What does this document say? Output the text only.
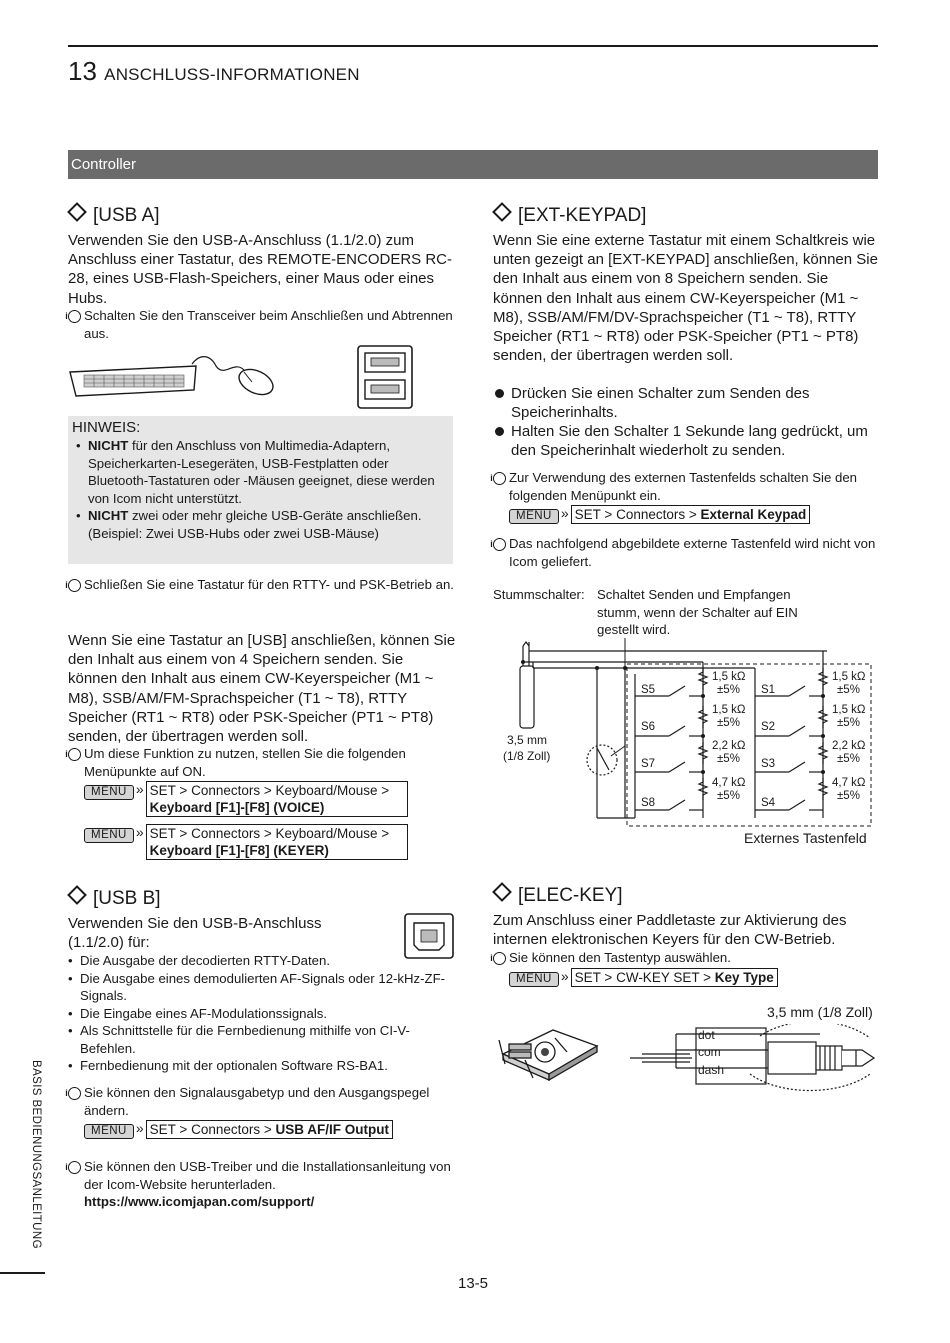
13 ANSCHLUSS-INFORMATIONEN
Controller
[USB A]
Verwenden Sie den USB-A-Anschluss (1.1/2.0) zum Anschluss einer Tastatur, des REMOTE-ENCODERS RC-28, eines USB-Flash-Speichers, einer Maus oder eines Hubs.
i Schalten Sie den Transceiver beim Anschließen und Abtrennen aus.
HINWEIS:
• NICHT für den Anschluss von Multimedia-Adaptern, Speicherkarten-Lesegeräten, USB-Festplatten oder Bluetooth-Tastaturen oder -Mäusen geeignet, diese werden von Icom nicht unterstützt.
• NICHT zwei oder mehr gleiche USB-Geräte anschließen.
(Beispiel: Zwei USB-Hubs oder zwei USB-Mäuse)
i Schließen Sie eine Tastatur für den RTTY- und PSK-Betrieb an.
Wenn Sie eine Tastatur an [USB] anschließen, können Sie den Inhalt aus einem von 4 Speichern senden. Sie können den Inhalt aus einem CW-Keyerspeicher (M1 ~ M8), SSB/AM/FM-Sprachspeicher (T1 ~ T8), RTTY Speicher (RT1 ~ RT8) oder PSK-Speicher (PT1 ~ PT8) senden, der übertragen werden soll.
i Um diese Funktion zu nutzen, stellen Sie die folgenden Menüpunkte auf ON.
MENU » SET > Connectors > Keyboard/Mouse >
Keyboard [F1]-[F8] (VOICE)
MENU » SET > Connectors > Keyboard/Mouse >
Keyboard [F1]-[F8] (KEYER)
[USB B]
Verwenden Sie den USB-B-Anschluss (1.1/2.0) für:
• Die Ausgabe der decodierten RTTY-Daten.
• Die Ausgabe eines demodulierten AF-Signals oder 12-kHz-ZF-Signals.
• Die Eingabe eines AF-Modulationssignals.
• Als Schnittstelle für die Fernbedienung mithilfe von CI-V-Befehlen.
• Fernbedienung mit der optionalen Software RS-BA1.
i Sie können den Signalausgabetyp und den Ausgangspegel ändern.
MENU » SET > Connectors > USB AF/IF Output
i Sie können den USB-Treiber und die Installationsanleitung von der Icom-Website herunterladen.
https://www.icomjapan.com/support/
[EXT-KEYPAD]
Wenn Sie eine externe Tastatur mit einem Schaltkreis wie unten gezeigt an [EXT-KEYPAD] anschließen, können Sie den Inhalt aus einem von 8 Speichern senden. Sie können den Inhalt aus einem CW-Keyerspeicher (M1 ~ M8), SSB/AM/FM/DV-Sprachspeicher (T1 ~ T8), RTTY Speicher (RT1 ~ RT8) oder PSK-Speicher (PT1 ~ PT8) senden, der übertragen werden soll.
Drücken Sie einen Schalter zum Senden des Speicherinhalts.
Halten Sie den Schalter 1 Sekunde lang gedrückt, um den Speicherinhalt wiederholt zu senden.
i Zur Verwendung des externen Tastenfelds schalten Sie den folgenden Menüpunkt ein.
MENU » SET > Connectors > External Keypad
i Das nachfolgend abgebildete externe Tastenfeld wird nicht von Icom geliefert.
Stummschalter: Schaltet Senden und Empfangen stumm, wenn der Schalter auf EIN gestellt wird.
S5
S6
S7
S8
S1
S2
S3
S4
1,5 kΩ
±5%
1,5 kΩ
±5%
2,2 kΩ
±5%
4,7 kΩ
±5%
1,5 kΩ
±5%
1,5 kΩ
±5%
2,2 kΩ
±5%
4,7 kΩ
±5%
3,5 mm
(1/8 Zoll)
Externes Tastenfeld
[ELEC-KEY]
Zum Anschluss einer Paddletaste zur Aktivierung des internen elektronischen Keyers für den CW-Betrieb.
i Sie können den Tastentyp auswählen.
MENU » SET > CW-KEY SET > Key Type
3,5 mm (1/8 Zoll)
dot
com
dash
BASIS BEDIENUNGSANLEITUNG
13-5
